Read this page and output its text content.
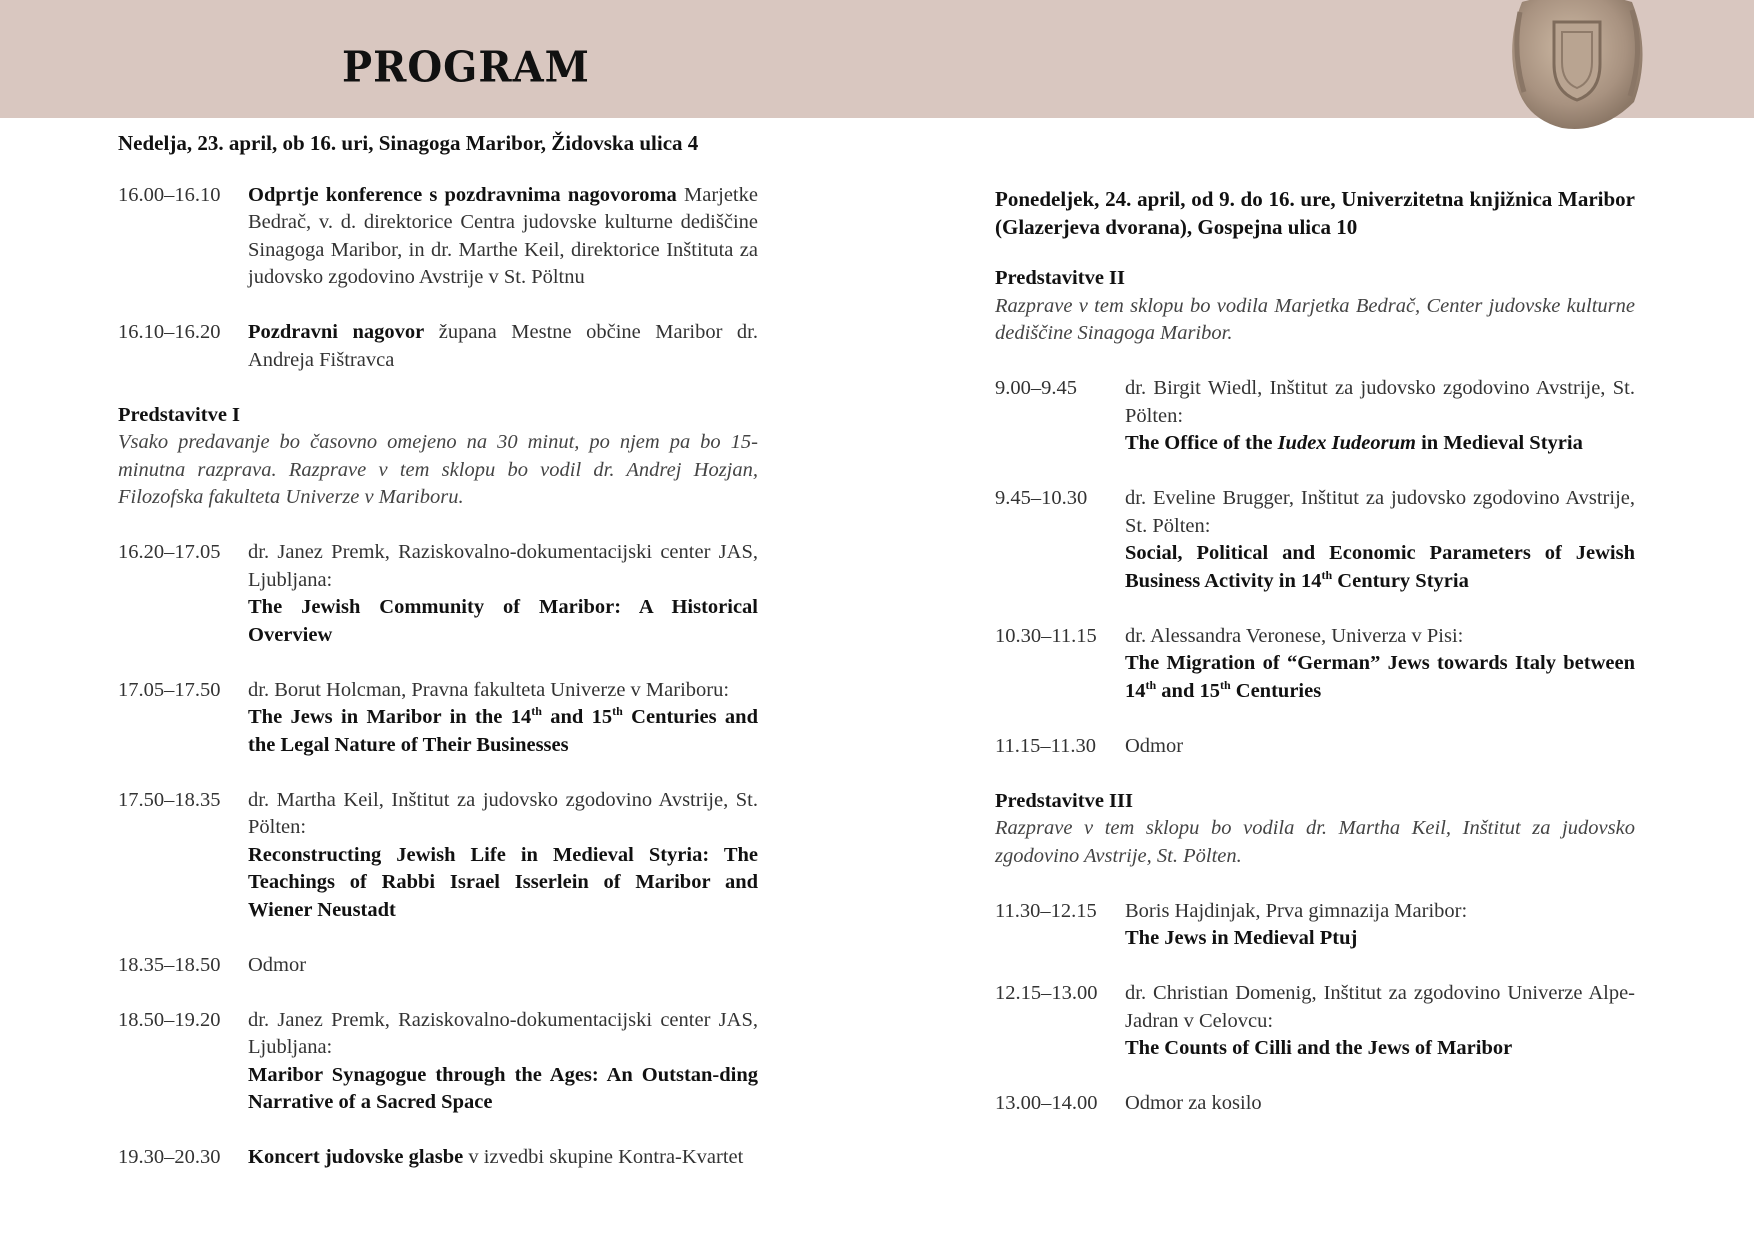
PROGRAM
Nedelja, 23. april, ob 16. uri, Sinagoga Maribor, Židovska ulica 4
16.00–16.10	Odprtje konference s pozdravnima nagovoroma Marjetke Bedrač, v. d. direktorice Centra judovske kulturne dediščine Sinagoga Maribor, in dr. Marthe Keil, direktorice Inštituta za judovsko zgodovino Avstrije v St. Pöltnu
16.10–16.20	Pozdravni nagovor župana Mestne občine Maribor dr. Andreja Fištravca
Predstavitve I
Vsako predavanje bo časovno omejeno na 30 minut, po njem pa bo 15-minutna razprava. Razprave v tem sklopu bo vodil dr. Andrej Hozjan, Filozofska fakulteta Univerze v Mariboru.
16.20–17.05	dr. Janez Premk, Raziskovalno-dokumentacijski center JAS, Ljubljana:
The Jewish Community of Maribor: A Historical Overview
17.05–17.50	dr. Borut Holcman, Pravna fakulteta Univerze v Mariboru:
The Jews in Maribor in the 14th and 15th Centuries and the Legal Nature of Their Businesses
17.50–18.35	dr. Martha Keil, Inštitut za judovsko zgodovino Avstrije, St. Pölten:
Reconstructing Jewish Life in Medieval Styria: The Teachings of Rabbi Israel Isserlein of Maribor and Wiener Neustadt
18.35–18.50	Odmor
18.50–19.20	dr. Janez Premk, Raziskovalno-dokumentacijski center JAS, Ljubljana:
Maribor Synagogue through the Ages: An Outstan-ding Narrative of a Sacred Space
19.30–20.30	Koncert judovske glasbe v izvedbi skupine Kontra-Kvartet
Ponedeljek, 24. april, od 9. do 16. ure, Univerzitetna knjižnica Maribor (Glazerjeva dvorana), Gospejna ulica 10
Predstavitve II
Razprave v tem sklopu bo vodila Marjetka Bedrač, Center judovske kulturne dediščine Sinagoga Maribor.
9.00–9.45	dr. Birgit Wiedl, Inštitut za judovsko zgodovino Avstrije, St. Pölten:
The Office of the Iudex Iudeorum in Medieval Styria
9.45–10.30	dr. Eveline Brugger, Inštitut za judovsko zgodovino Avstrije, St. Pölten:
Social, Political and Economic Parameters of Jewish Business Activity in 14th Century Styria
10.30–11.15	dr. Alessandra Veronese, Univerza v Pisi:
The Migration of “German” Jews towards Italy between 14th and 15th Centuries
11.15–11.30	Odmor
Predstavitve III
Razprave v tem sklopu bo vodila dr. Martha Keil, Inštitut za judovsko zgodovino Avstrije, St. Pölten.
11.30–12.15	Boris Hajdinjak, Prva gimnazija Maribor:
The Jews in Medieval Ptuj
12.15–13.00	dr. Christian Domenig, Inštitut za zgodovino Univerze Alpe-Jadran v Celovcu:
The Counts of Cilli and the Jews of Maribor
13.00–14.00	Odmor za kosilo
